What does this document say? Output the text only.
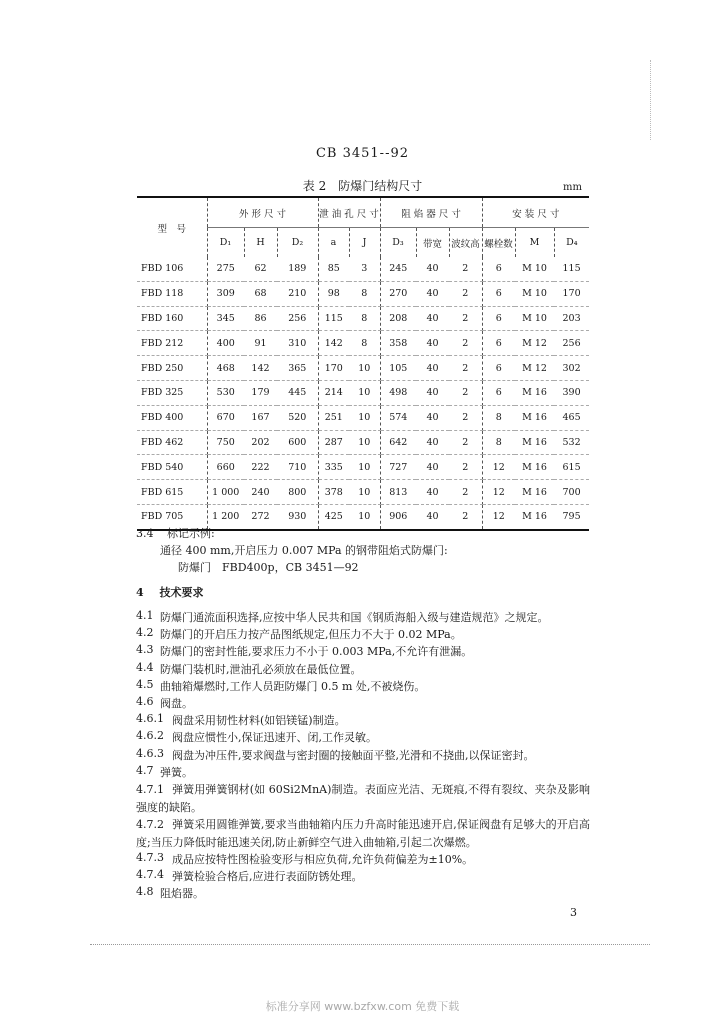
CB 3451--92
表 2　防爆门结构尺寸	mm
型　号	外 形 尺 寸			泄 油 孔 尺 寸		阻 焰 器 尺 寸			安 装 尺 寸		
	D₁	H	D₂	a	J	D₃	带宽	波纹高	螺栓数	M	D₄
FBD 106	275	62	189	85	3	245	40	2	6	M 10	115
FBD 118	309	68	210	98	8	270	40	2	6	M 10	170
FBD 160	345	86	256	115	8	208	40	2	6	M 10	203
FBD 212	400	91	310	142	8	358	40	2	6	M 12	256
FBD 250	468	142	365	170	10	105	40	2	6	M 12	302
FBD 325	530	179	445	214	10	498	40	2	6	M 16	390
FBD 400	670	167	520	251	10	574	40	2	8	M 16	465
FBD 462	750	202	600	287	10	642	40	2	8	M 16	532
FBD 540	660	222	710	335	10	727	40	2	12	M 16	615
FBD 615	1 000	240	800	378	10	813	40	2	12	M 16	700
FBD 705	1 200	272	930	425	10	906	40	2	12	M 16	795
3.4 标记示例:
通径 400 mm,开启压力 0.007 MPa 的钢带阻焰式防爆门:
防爆门　FBD400p，CB 3451—92
4 技术要求
4.1 防爆门通流面积选择,应按中华人民共和国《钢质海船入级与建造规范》之规定。
4.2 防爆门的开启压力按产品图纸规定,但压力不大于 0.02 MPa。
4.3 防爆门的密封性能,要求压力不小于 0.003 MPa,不允许有泄漏。
4.4 防爆门装机时,泄油孔必须放在最低位置。
4.5 曲轴箱爆燃时,工作人员距防爆门 0.5 m 处,不被烧伤。
4.6 阀盘。
4.6.1 阀盘采用韧性材料(如铝镁锰)制造。
4.6.2 阀盘应惯性小,保证迅速开、闭,工作灵敏。
4.6.3 阀盘为冲压件,要求阀盘与密封圈的接触面平整,光滑和不挠曲,以保证密封。
4.7 弹簧。
4.7.1 弹簧用弹簧钢材(如 60Si2MnA)制造。表面应光洁、无斑痕,不得有裂纹、夹杂及影响强度的缺陷。
4.7.2 弹簧采用圆锥弹簧,要求当曲轴箱内压力升高时能迅速开启,保证阀盘有足够大的开启高度;当压力降低时能迅速关闭,防止新鲜空气进入曲轴箱,引起二次爆燃。
4.7.3 成品应按特性图检验变形与相应负荷,允许负荷偏差为±10%。
4.7.4 弹簧检验合格后,应进行表面防锈处理。
4.8 阻焰器。
3
标准分享网 www.bzfxw.com 免费下载
